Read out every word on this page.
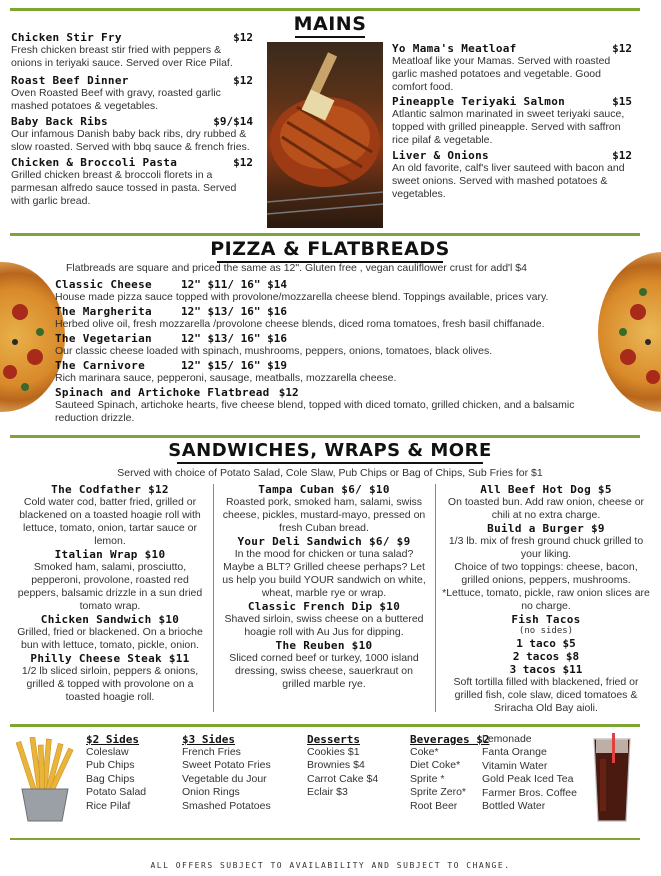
MAINS
Chicken Stir Fry	$12
Fresh chicken breast stir fried with peppers & onions in teriyaki sauce. Served over Rice Pilaf.
Roast Beef Dinner	$12
Oven Roasted Beef with gravy, roasted garlic mashed potatoes & vegetables.
Baby Back Ribs	$9/$14
Our infamous Danish baby back ribs, dry rubbed & slow roasted. Served with bbq sauce & french fries.
Chicken & Broccoli Pasta	$12
Grilled chicken breast & broccoli florets in a parmesan alfredo sauce tossed in pasta. Served with garlic bread.
Yo Mama's Meatloaf	$12
Meatloaf like your Mamas. Served with roasted garlic mashed potatoes and vegetable. Good comfort food.
Pineapple Teriyaki Salmon	$15
Atlantic salmon marinated in sweet teriyaki sauce, topped with grilled pineapple. Served with saffron rice pilaf & vegetable.
Liver & Onions	$12
An old favorite, calf's liver sauteed with bacon and sweet onions. Served with mashed potatoes & vegetables.
PIZZA & FLATBREADS
Flatbreads are square and priced the same as 12". Gluten free , vegan cauliflower crust for add'l $4
Classic Cheese	12" $11/ 16" $14
House made pizza sauce topped with provolone/mozzarella cheese blend. Toppings available, prices vary.
The Margherita	12" $13/ 16" $16
Herbed olive oil, fresh mozzarella /provolone cheese blends, diced roma tomatoes, fresh basil chiffanade.
The Vegetarian	12" $13/ 16" $16
Our classic cheese loaded with spinach, mushrooms, peppers, onions, tomatoes, black olives.
The Carnivore	12" $15/ 16" $19
Rich marinara sauce, pepperoni, sausage, meatballs, mozzarella cheese.
Spinach and Artichoke Flatbread $12
Sauteed Spinach, artichoke hearts, five cheese blend, topped with diced tomato, grilled chicken, and a balsamic reduction drizzle.
SANDWICHES, WRAPS & MORE
Served with choice of Potato Salad, Cole Slaw, Pub Chips or Bag of Chips, Sub Fries for $1
The Codfather $12
Cold water cod, batter fried, grilled or blackened on a toasted hoagie roll with lettuce, tomato, onion, tartar sauce or lemon.
Italian Wrap $10
Smoked ham, salami, prosciutto, pepperoni, provolone, roasted red peppers, balsamic drizzle in a sun dried tomato wrap.
Chicken Sandwich $10
Grilled, fried or blackened. On a brioche bun with lettuce, tomato, pickle, onion.
Philly Cheese Steak $11
1/2 lb sliced sirloin, peppers & onions, grilled & topped with provolone on a toasted hoagie roll.
Tampa Cuban $6/ $10
Roasted pork, smoked ham, salami, swiss cheese, pickles, mustard-mayo, pressed on fresh Cuban bread.
Your Deli Sandwich $6/ $9
In the mood for chicken or tuna salad? Maybe a BLT? Grilled cheese perhaps? Let us help you build YOUR sandwich on white, wheat, marble rye or wrap.
Classic French Dip $10
Shaved sirloin, swiss cheese on a buttered hoagie roll with Au Jus for dipping.
The Reuben $10
Sliced corned beef or turkey, 1000 island dressing, swiss cheese, sauerkraut on grilled marble rye.
All Beef Hot Dog $5
On toasted bun. Add raw onion, cheese or chili at no extra charge.
Build a Burger $9
1/3 lb. mix of fresh ground chuck grilled to your liking.
Choice of two toppings: cheese, bacon, grilled onions, peppers, mushrooms.
*Lettuce, tomato, pickle, raw onion slices are no charge.
Fish Tacos
(no sides)
1 taco $5
2 tacos $8
3 tacos $11
Soft tortilla filled with blackened, fried or grilled fish, cole slaw, diced tomatoes & Sriracha Old Bay aioli.
$2 Sides
Coleslaw
Pub Chips
Bag Chips
Potato Salad
Rice Pilaf
$3 Sides
French Fries
Sweet Potato Fries
Vegetable du Jour
Onion Rings
Smashed Potatoes
Desserts
Cookies $1
Brownies $4
Carrot Cake $4
Eclair $3
Beverages $2
Coke*
Diet Coke*
Sprite *
Sprite Zero*
Root Beer
Lemonade
Fanta Orange
Vitamin Water
Gold Peak Iced Tea
Farmer Bros. Coffee
Bottled Water
ALL OFFERS SUBJECT TO AVAILABILITY AND SUBJECT TO CHANGE.
